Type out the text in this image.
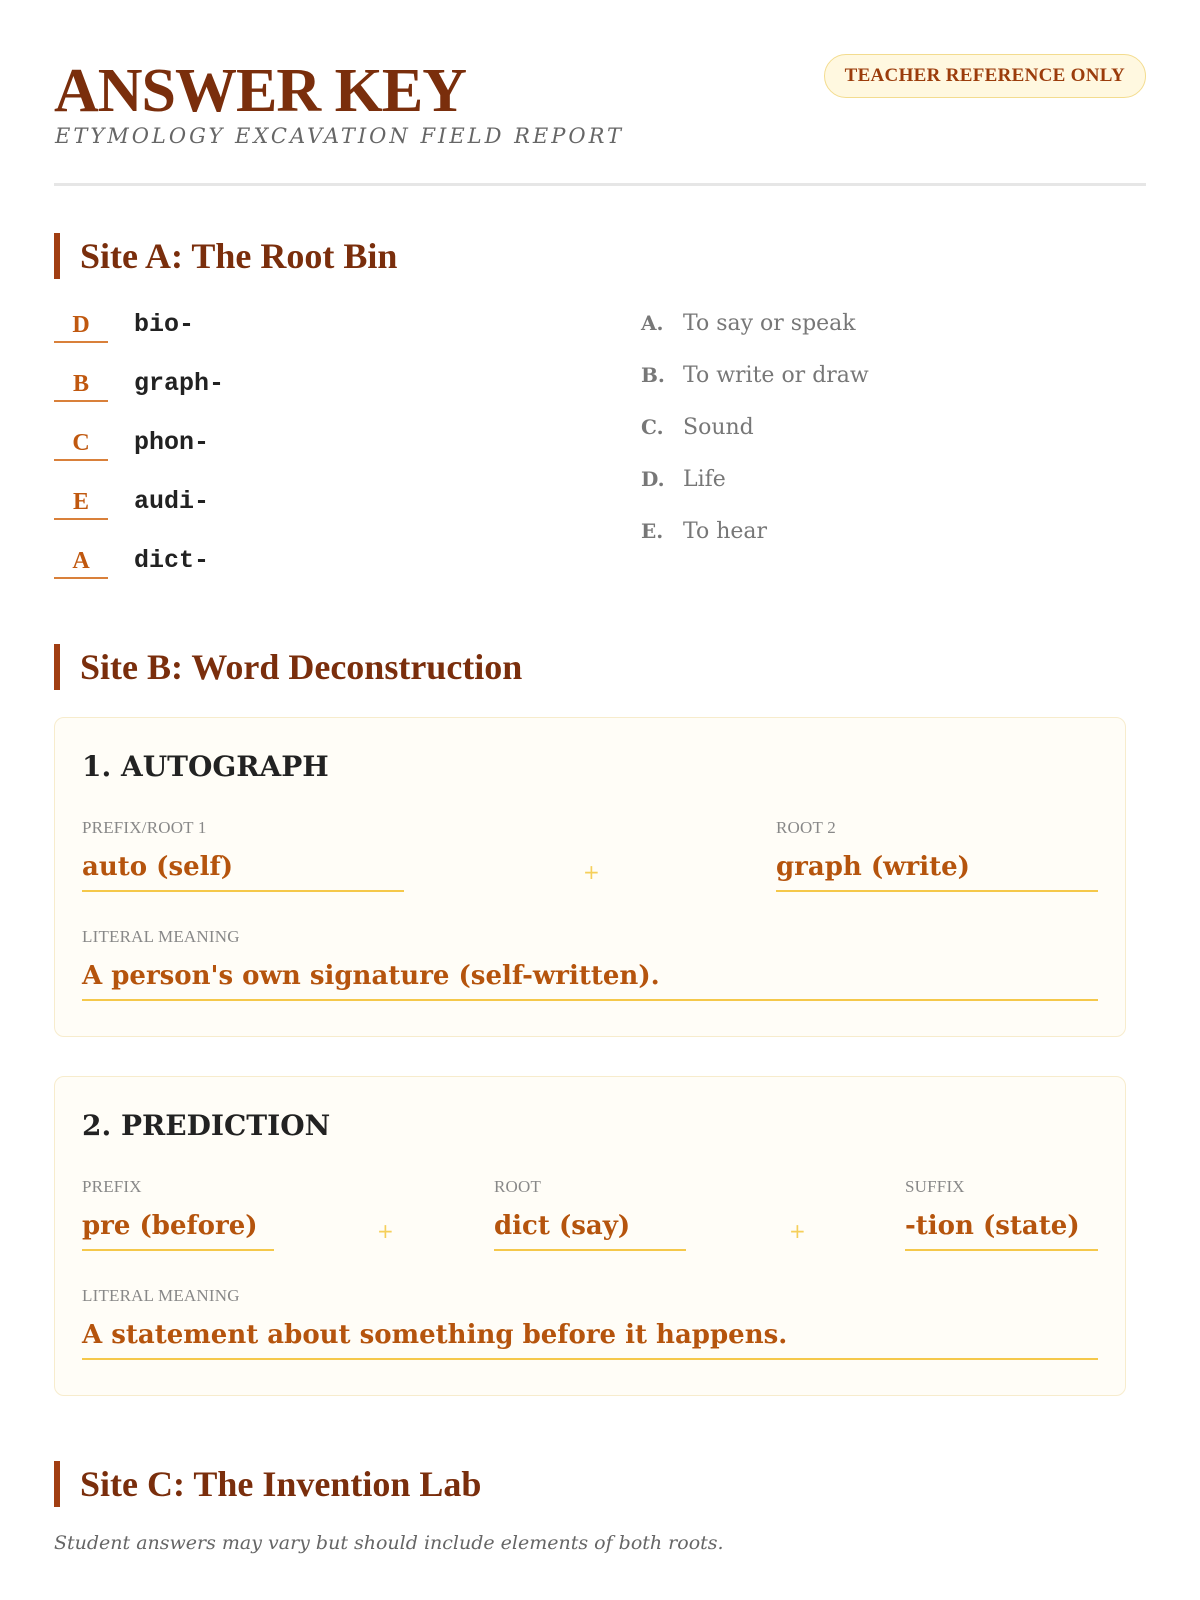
ANSWER KEY
ETYMOLOGY EXCAVATION FIELD REPORT
TEACHER REFERENCE ONLY
Site A: The Root Bin
D	bio-
B	graph-
C	phon-
E	audi-
A	dict-
A. To say or speak
B. To write or draw
C. Sound
D. Life
E. To hear
Site B: Word Deconstruction
1. AUTOGRAPH
PREFIX/ROOT 1
auto (self)	+
ROOT 2
graph (write)
LITERAL MEANING
A person's own signature (self-written).
2. PREDICTION
PREFIX
pre (before)	+
ROOT
dict (say)	+
SUFFIX
-tion (state)
LITERAL MEANING
A statement about something before it happens.
Site C: The Invention Lab
Student answers may vary but should include elements of both roots.
